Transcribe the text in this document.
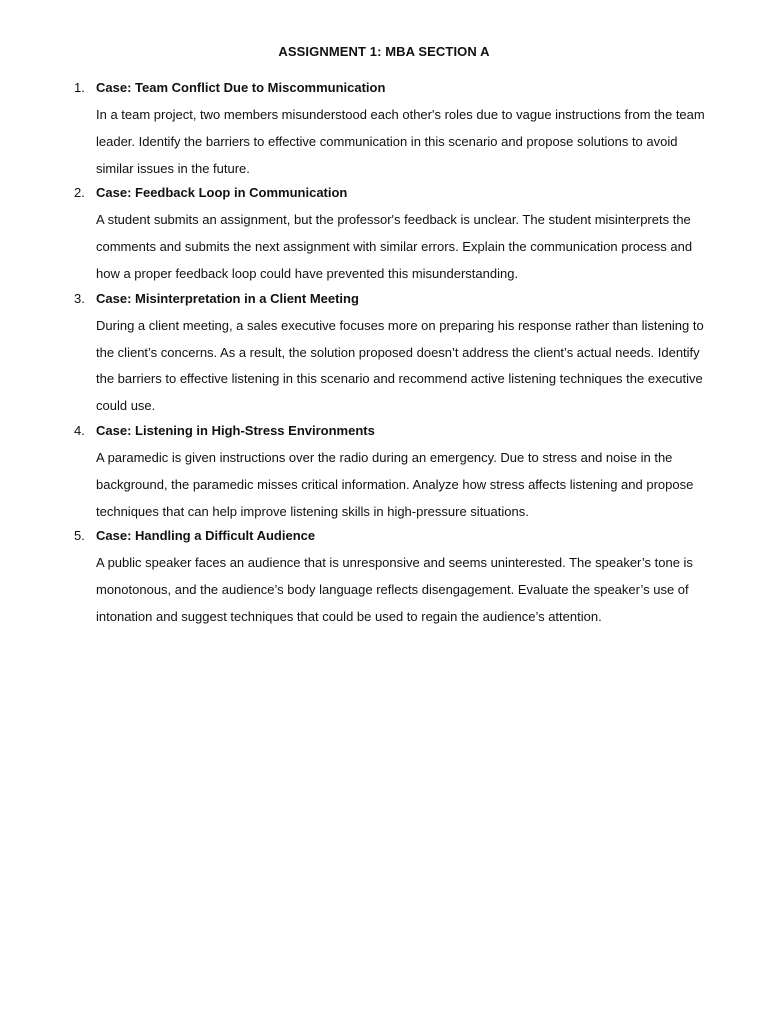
ASSIGNMENT 1: MBA SECTION A
1. Case: Team Conflict Due to Miscommunication
In a team project, two members misunderstood each other's roles due to vague instructions from the team leader. Identify the barriers to effective communication in this scenario and propose solutions to avoid similar issues in the future.
2. Case: Feedback Loop in Communication
A student submits an assignment, but the professor's feedback is unclear. The student misinterprets the comments and submits the next assignment with similar errors. Explain the communication process and how a proper feedback loop could have prevented this misunderstanding.
3. Case: Misinterpretation in a Client Meeting
During a client meeting, a sales executive focuses more on preparing his response rather than listening to the client’s concerns. As a result, the solution proposed doesn’t address the client’s actual needs. Identify the barriers to effective listening in this scenario and recommend active listening techniques the executive could use.
4. Case: Listening in High-Stress Environments
A paramedic is given instructions over the radio during an emergency. Due to stress and noise in the background, the paramedic misses critical information. Analyze how stress affects listening and propose techniques that can help improve listening skills in high-pressure situations.
5. Case: Handling a Difficult Audience
A public speaker faces an audience that is unresponsive and seems uninterested. The speaker’s tone is monotonous, and the audience’s body language reflects disengagement. Evaluate the speaker’s use of intonation and suggest techniques that could be used to regain the audience’s attention.
